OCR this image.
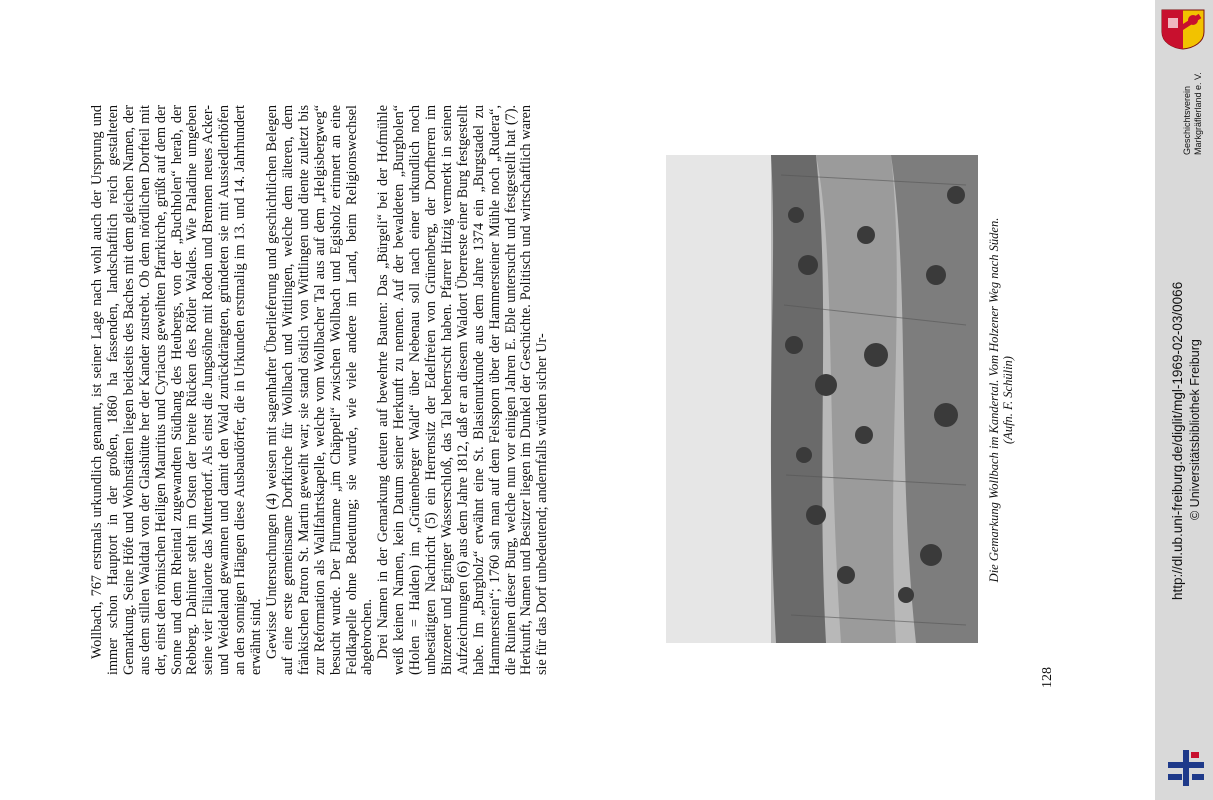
Wollbach, 767 erstmals urkundlich genannt, ist seiner Lage nach wohl auch der Ursprung und immer schon Hauptort in der großen, 1860 ha fassenden, landschaftlich reich gestalteten Gemarkung. Seine Höfe und Wohnstätten liegen beidseits des Baches mit dem gleichen Namen, der aus dem stillen Waldtal von der Glashütte her der Kander zustrebt. Ob dem nördlichen Dorfteil mit der, einst den römischen Heiligen Mauritius und Cyriacus geweihten Pfarrkirche, grüßt auf dem der Sonne und dem Rheintal zugewandten Südhang des Heubergs, von der „Buchholen“ herab, der Rebberg. Dahinter steht im Osten der breite Rücken des Rötler Waldes. Wie Paladine umgeben seine vier Filialorte das Mutterdorf. Als einst die Jungsöhne mit Roden und Brennen neues Acker- und Weideland gewannen und damit den Wald zurückdrängten, gründeten sie mit Aussiedlerhöfen an den sonnigen Hängen diese Ausbaudörfer, die in Urkunden erstmalig im 13. und 14. Jahrhundert erwähnt sind. Gewisse Untersuchungen (4) weisen mit sagenhafter Überlieferung und geschichtlichen Belegen auf eine erste gemeinsame Dorfkirche für Wollbach und Wittlingen, welche dem älteren, dem fränkischen Patron St. Martin geweiht war; sie stand östlich von Wittlingen und diente zuletzt bis zur Reformation als Wallfahrtskapelle, welche vom Wollbacher Tal aus auf dem „Helgisbergweg“ besucht wurde. Der Flurname „im Chäppeli“ zwischen Wollbach und Egisholz erinnert an eine Feldkapelle ohne Bedeutung; sie wurde, wie viele andere im Land, beim Religionswechsel abgebrochen. Drei Namen in der Gemarkung deuten auf bewehrte Bauten: Das „Bürgeli“ bei der Hofmühle weiß keinen Namen, kein Datum seiner Herkunft zu nennen. Auf der bewaldeten „Burgholen“ (Holen = Halden) im „Grünenberger Wald“ über Nebenau soll nach einer urkundlich noch unbestätigten Nachricht (5) ein Herrensitz der Edelfreien von Grünenberg, der Dorfherren im Binzener und Egringer Wasserschloß, das Tal beherrscht haben. Pfarrer Hitzig vermerkt in seinen Aufzeichnungen (6) aus dem Jahre 1812, daß er an diesem Waldort Überreste einer Burg festgestellt habe. Im „Burgholz“ erwähnt eine St. Blasienurkunde aus dem Jahre 1374 ein „Burgstadel zu Hammerstein“; 1760 sah man auf dem Felssporn über der Hammersteiner Mühle noch „Rudera“, die Ruinen dieser Burg, welche nun vor einigen Jahren E. Eble untersucht und festgestellt hat (7). Herkunft, Namen und Besitzer liegen im Dunkel der Geschichte. Politisch und wirtschaftlich waren sie für das Dorf unbedeutend; andernfalls würden sicher Ur-	Die Gemarkung Wollbach im Kandertal. Vom Holzener Weg nach Süden. (Aufn. F. Schülin)
128
Geschichtsverein Markgräflerland e. V.
http://dl.ub.uni-freiburg.de/diglit/mgl-1969-02-03/0066 © Universitätsbibliothek Freiburg
